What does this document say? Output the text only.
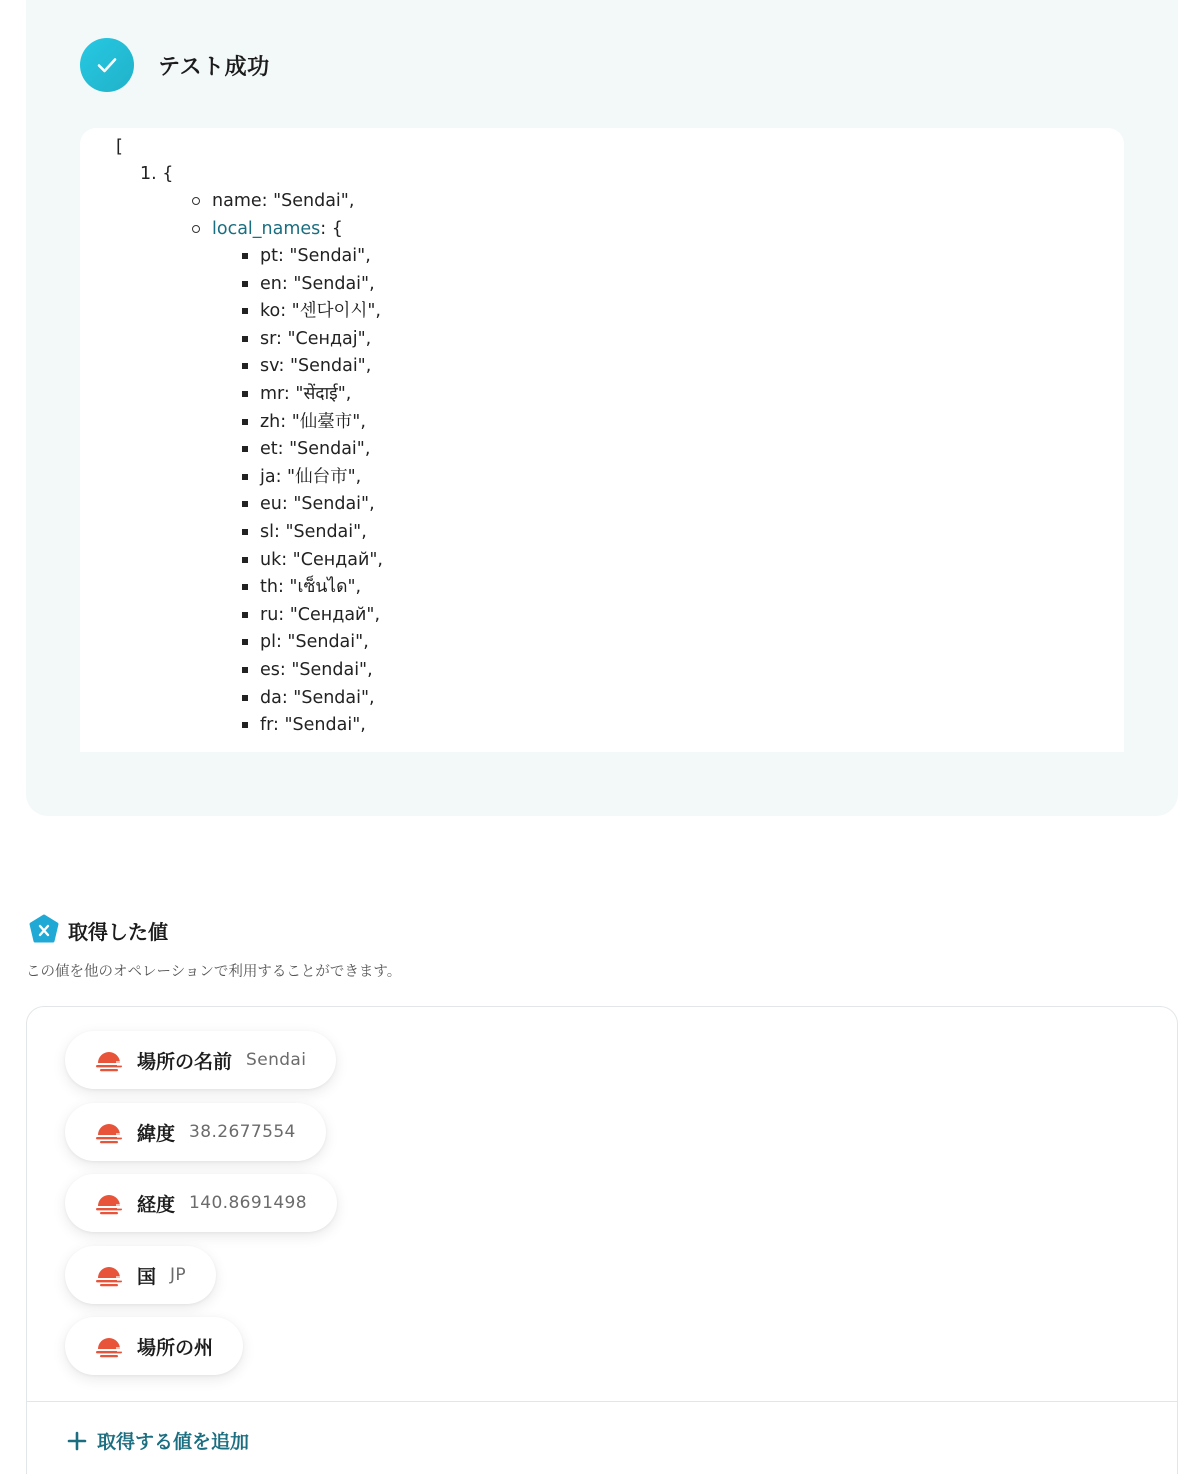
テスト成功
[
1. {
name: "Sendai",
local_names: {
pt: "Sendai",
en: "Sendai",
ko: "센다이시",
sr: "Сендај",
sv: "Sendai",
mr: "सेंदाई",
zh: "仙臺市",
et: "Sendai",
ja: "仙台市",
eu: "Sendai",
sl: "Sendai",
uk: "Сендай",
th: "เซ็นได",
ru: "Сендай",
pl: "Sendai",
es: "Sendai",
da: "Sendai",
fr: "Sendai",
取得した値
この値を他のオペレーションで利用することができます。
場所の名前 Sendai
緯度 38.2677554
経度 140.8691498
国 JP
場所の州
取得する値を追加
